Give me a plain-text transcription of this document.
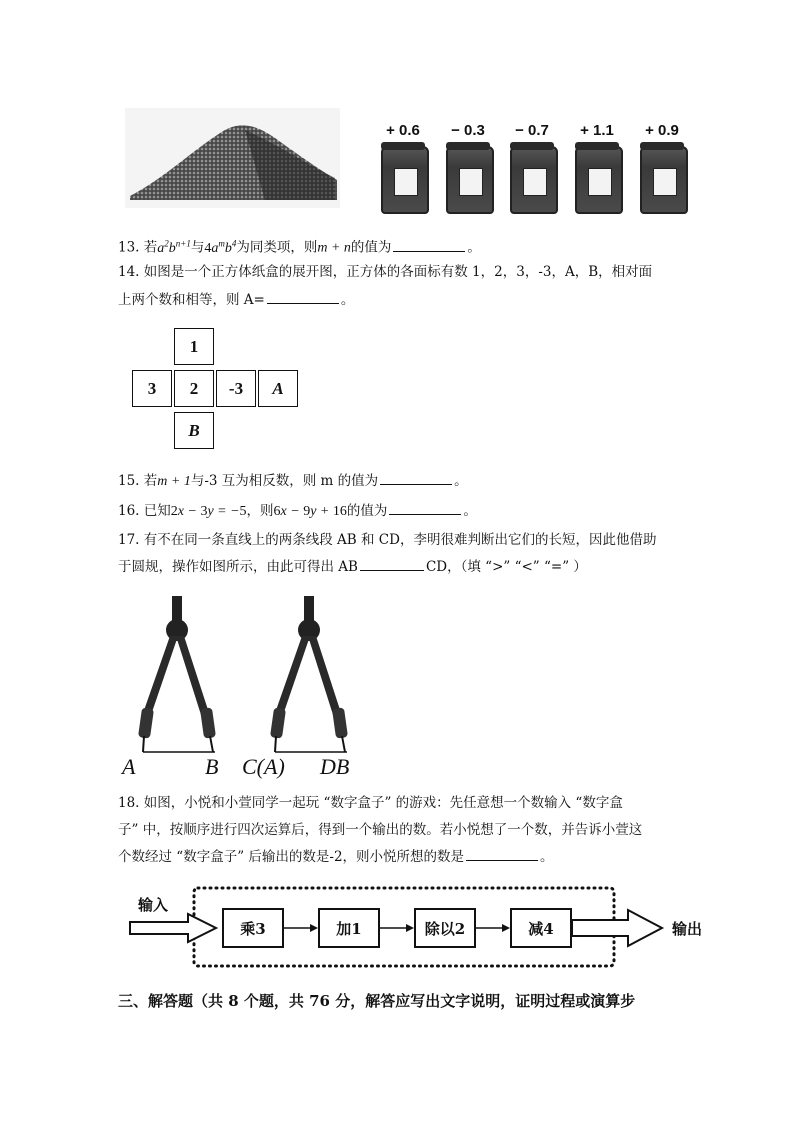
+ 0.6	− 0.3	− 0.7	+ 1.1	+ 0.9
13. 若$a^2b^{n+1}$与$4a^mb^4$为同类项，则m + n的值为	。
14. 如图是一个正方体纸盒的展开图，正方体的各面标有数 1，2，3，-3，A，B，相对面
上两个数和相等，则 A=	。
1
3	2	-3	A
B
15. 若m + 1与-3 互为相反数，则 m 的值为	。
16. 已知2x − 3y = −5，则6x − 9y + 16的值为	。
17. 有不在同一条直线上的两条线段 AB 和 CD，李明很难判断出它们的长短，因此他借助
于圆规，操作如图所示，由此可得出 AB	CD，（填 “>” “<” “=” ）
A	B C(A) DB
18. 如图，小悦和小萱同学一起玩 “数字盒子” 的游戏：先任意想一个数输入 “数字盒
子” 中，按顺序进行四次运算后，得到一个输出的数。若小悦想了一个数，并告诉小萱这
个数经过 “数字盒子” 后输出的数是-2，则小悦所想的数是	。
输入
输出
乘3	加1	除以2	减4
三、解答题（共 8 个题，共 76 分，解答应写出文字说明，证明过程或演算步
